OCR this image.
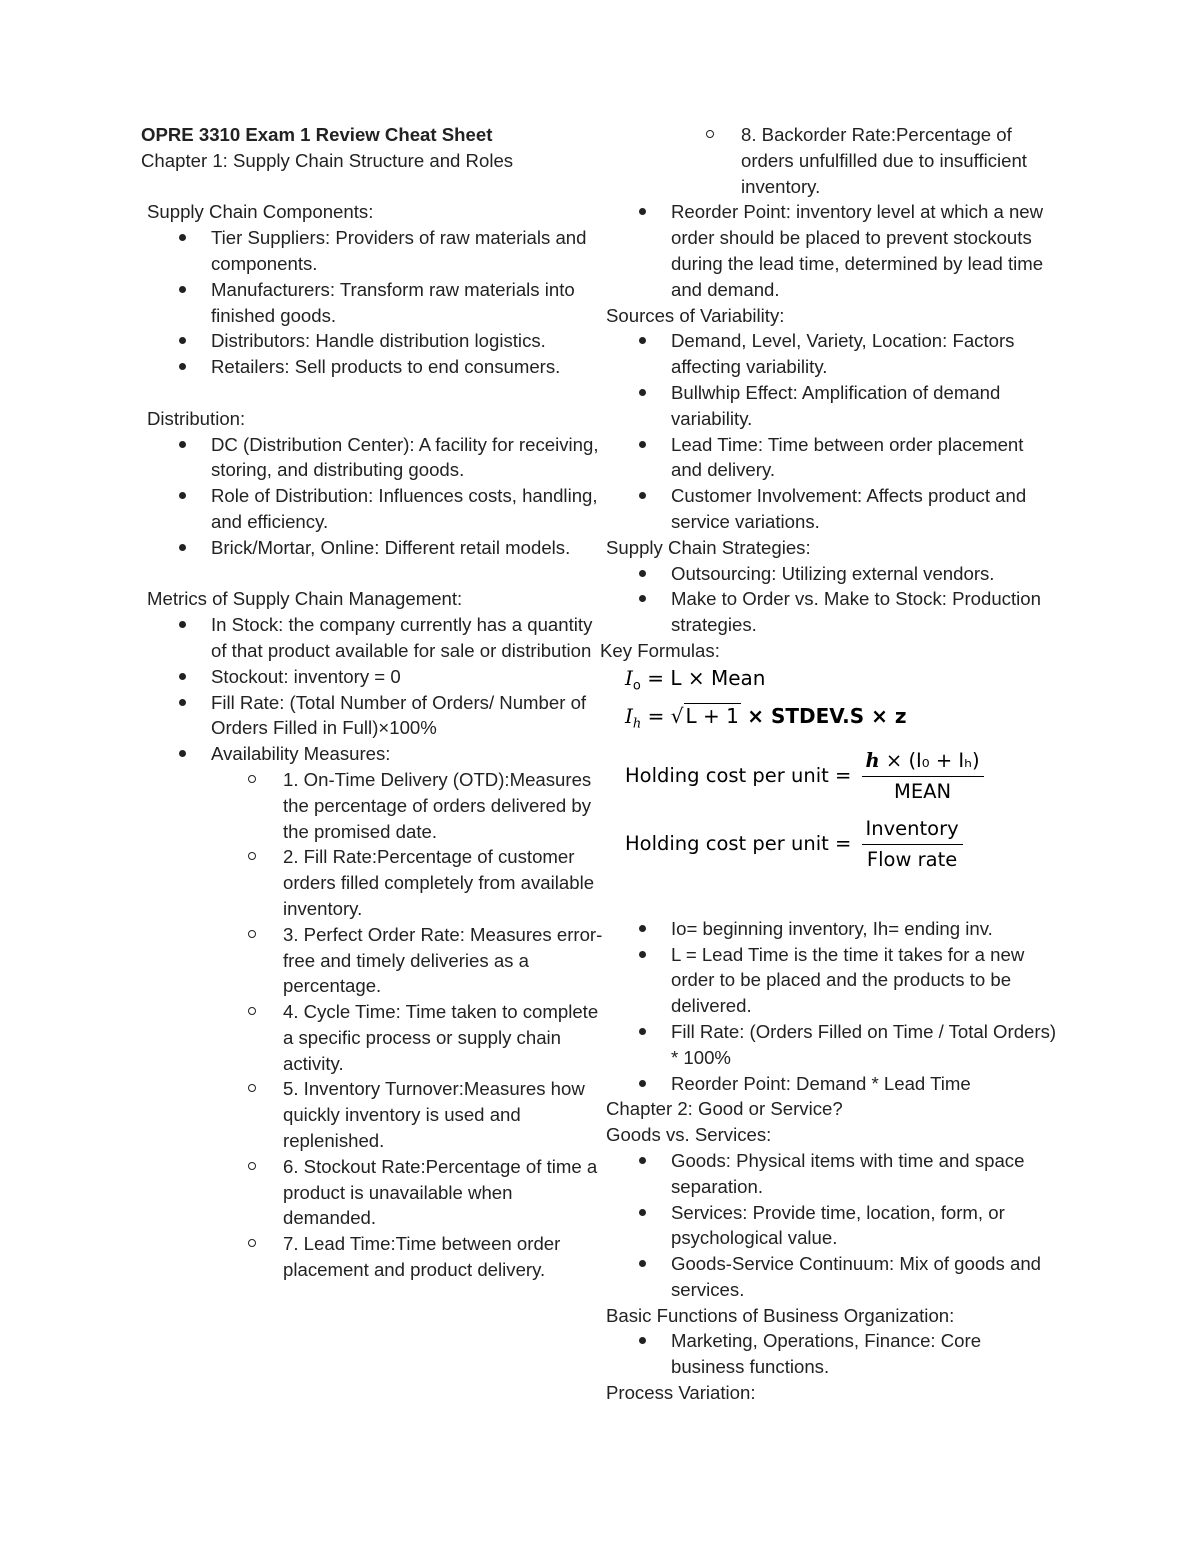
OPRE 3310 Exam 1 Review Cheat Sheet
Chapter 1: Supply Chain Structure and Roles
Supply Chain Components:
Tier Suppliers: Providers of raw materials and components.
Manufacturers: Transform raw materials into finished goods.
Distributors: Handle distribution logistics.
Retailers: Sell products to end consumers.
Distribution:
DC (Distribution Center): A facility for receiving, storing, and distributing goods.
Role of Distribution: Influences costs, handling, and efficiency.
Brick/Mortar, Online: Different retail models.
Metrics of Supply Chain Management:
In Stock: the company currently has a quantity of that product available for sale or distribution
Stockout: inventory = 0
Fill Rate: (Total Number of Orders/ Number of Orders Filled in Full)×100%
Availability Measures:
1. On-Time Delivery (OTD):Measures the percentage of orders delivered by the promised date.
2. Fill Rate:Percentage of customer orders filled completely from available inventory.
3. Perfect Order Rate: Measures error-free and timely deliveries as a percentage.
4. Cycle Time: Time taken to complete a specific process or supply chain activity.
5. Inventory Turnover:Measures how quickly inventory is used and replenished.
6. Stockout Rate:Percentage of time a product is unavailable when demanded.
7. Lead Time:Time between order placement and product delivery.
8. Backorder Rate:Percentage of orders unfulfilled due to insufficient inventory.
Reorder Point: inventory level at which a new order should be placed to prevent stockouts during the lead time, determined by lead time and demand.
Sources of Variability:
Demand, Level, Variety, Location: Factors affecting variability.
Bullwhip Effect: Amplification of demand variability.
Lead Time: Time between order placement and delivery.
Customer Involvement: Affects product and service variations.
Supply Chain Strategies:
Outsourcing: Utilizing external vendors.
Make to Order vs. Make to Stock: Production strategies.
Key Formulas:
$I_o = L$ × Mean
$I_h$ = √ L + 1 × STDEV.S × z
Holding cost per unit = $\frac{\text{h × (I₀ + Iₕ)}}{\text{MEAN}}$
Holding cost per unit = $\frac{\text{Inventory}}{\text{Flow rate}}$
Io= beginning inventory, Ih= ending inv.
L = Lead Time is the time it takes for a new order to be placed and the products to be delivered.
Fill Rate: (Orders Filled on Time / Total Orders) * 100%
Reorder Point: Demand * Lead Time
Chapter 2: Good or Service?
Goods vs. Services:
Goods: Physical items with time and space separation.
Services: Provide time, location, form, or psychological value.
Goods-Service Continuum: Mix of goods and services.
Basic Functions of Business Organization:
Marketing, Operations, Finance: Core business functions.
Process Variation:
